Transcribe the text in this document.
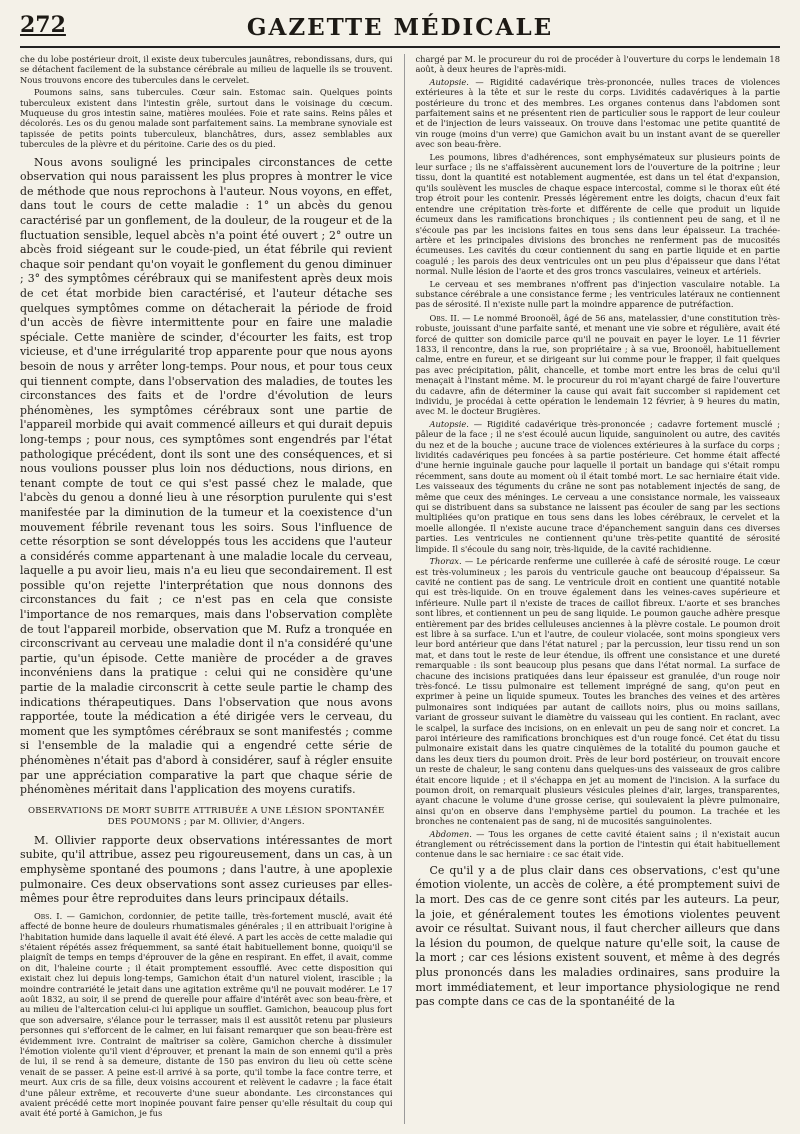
272	GAZETTE MÉDICALE

che du lobe postérieur droit, il existe deux tubercules jaunâtres, rebondissans, durs, qui se détachent facilement de la substance cérébrale au milieu de laquelle ils se trouvent. Nous trouvons encore des tubercules dans le cervelet.

Poumons sains, sans tubercules. Cœur sain. Estomac sain. Quelques points tuberculeux existent dans l'intestin grêle, surtout dans le voisinage du cœcum. Muqueuse du gros intestin saine, matières moulées. Foie et rate sains. Reins pâles et décolorés. Les os du genou malade sont parfaitement sains. La membrane synoviale est tapissée de petits points tuberculeux, blanchâtres, durs, assez semblables aux tubercules de la plèvre et du péritoine. Carie des os du pied.

Nous avons souligné les principales circonstances de cette observation qui nous paraissent les plus propres à montrer le vice de méthode que nous reprochons à l'auteur. Nous voyons, en effet, dans tout le cours de cette maladie : 1° un abcès du genou caractérisé par un gonflement, de la douleur, de la rougeur et de la fluctuation sensible, lequel abcès n'a point été ouvert ; 2° outre un abcès froid siégeant sur le coude-pied, un état fébrile qui revient chaque soir pendant qu'on voyait le gonflement du genou diminuer ; 3° des symptômes cérébraux qui se manifestent après deux mois de cet état morbide bien caractérisé, et l'auteur détache ses quelques symptômes comme on détacherait la période de froid d'un accès de fièvre intermittente pour en faire une maladie spéciale. Cette manière de scinder, d'écourter les faits, est trop vicieuse, et d'une irrégularité trop apparente pour que nous ayons besoin de nous y arrêter long-temps. Pour nous, et pour tous ceux qui tiennent compte, dans l'observation des maladies, de toutes les circonstances des faits et de l'ordre d'évolution de leurs phénomènes, les symptômes cérébraux sont une partie de l'appareil morbide qui avait commencé ailleurs et qui durait depuis long-temps ; pour nous, ces symptômes sont engendrés par l'état pathologique précédent, dont ils sont une des conséquences, et si nous voulions pousser plus loin nos déductions, nous dirions, en tenant compte de tout ce qui s'est passé chez le malade, que l'abcès du genou a donné lieu à une résorption purulente qui s'est manifestée par la diminution de la tumeur et la coexistence d'un mouvement fébrile revenant tous les soirs. Sous l'influence de cette résorption se sont développés tous les accidens que l'auteur a considérés comme appartenant à une maladie locale du cerveau, laquelle a pu avoir lieu, mais n'a eu lieu que secondairement. Il est possible qu'on rejette l'interprétation que nous donnons des circonstances du fait ; ce n'est pas en cela que consiste l'importance de nos remarques, mais dans l'observation complète de tout l'appareil morbide, observation que M. Rufz a tronquée en circonscrivant au cerveau une maladie dont il n'a considéré qu'une partie, qu'un épisode. Cette manière de procéder a de graves inconvéniens dans la pratique : celui qui ne considère qu'une partie de la maladie circonscrit à cette seule partie le champ des indications thérapeutiques. Dans l'observation que nous avons rapportée, toute la médication a été dirigée vers le cerveau, du moment que les symptômes cérébraux se sont manifestés ; comme si l'ensemble de la maladie qui a engendré cette série de phénomènes n'était pas d'abord à considérer, sauf à régler ensuite par une appréciation comparative la part que chaque série de phénomènes méritait dans l'application des moyens curatifs.

OBSERVATIONS DE MORT SUBITE ATTRIBUÉE A UNE LÉSION SPONTANÉE DES POUMONS ; par M. Ollivier, d'Angers.

M. Ollivier rapporte deux observations intéressantes de mort subite, qu'il attribue, assez peu rigoureusement, dans un cas, à un emphysème spontané des poumons ; dans l'autre, à une apoplexie pulmonaire. Ces deux observations sont assez curieuses par elles-mêmes pour être reproduites dans leurs principaux détails.

Obs. I. — Gamichon, cordonnier, de petite taille, très-fortement musclé, avait été affecté de bonne heure de douleurs rhumatismales générales ; il en attribuait l'origine à l'habitation humide dans laquelle il avait été élevé. A part les accès de cette maladie qui s'étaient répétés assez fréquemment, sa santé était habituellement bonne, quoiqu'il se plaignît de temps en temps d'éprouver de la gêne en respirant. En effet, il avait, comme on dit, l'haleine courte ; il était promptement essoufflé. Avec cette disposition qui existait chez lui depuis long-temps, Gamichon était d'un naturel violent, irascible ; la moindre contrariété le jetait dans une agitation extrême qu'il ne pouvait modérer. Le 17 août 1832, au soir, il se prend de querelle pour affaire d'intérêt avec son beau-frère, et au milieu de l'altercation celui-ci lui applique un soufflet. Gamichon, beaucoup plus fort que son adversaire, s'élance pour le terrasser, mais il est aussitôt retenu par plusieurs personnes qui s'efforcent de le calmer, en lui faisant remarquer que son beau-frère est évidemment ivre. Contraint de maîtriser sa colère, Gamichon cherche à dissimuler l'émotion violente qu'il vient d'éprouver, et prenant la main de son ennemi qu'il a près de lui, il se rend à sa demeure, distante de 150 pas environ du lieu où cette scène venait de se passer. A peine est-il arrivé à sa porte, qu'il tombe la face contre terre, et meurt. Aux cris de sa fille, deux voisins accourent et relèvent le cadavre ; la face était d'une pâleur extrême, et recouverte d'une sueur abondante. Les circonstances qui avaient précédé cette mort inopinée pouvant faire penser qu'elle résultait du coup qui avait été porté à Gamichon, je fus

chargé par M. le procureur du roi de procéder à l'ouverture du corps le lendemain 18 août, à deux heures de l'après-midi.

Autopsie. — Rigidité cadavérique très-prononcée, nulles traces de violences extérieures à la tête et sur le reste du corps. Lividités cadavériques à la partie postérieure du tronc et des membres. Les organes contenus dans l'abdomen sont parfaitement sains et ne présentent rien de particulier sous le rapport de leur couleur et de l'injection de leurs vaisseaux. On trouve dans l'estomac une petite quantité de vin rouge (moins d'un verre) que Gamichon avait bu un instant avant de se quereller avec son beau-frère.

Les poumons, libres d'adhérences, sont emphysémateux sur plusieurs points de leur surface ; ils ne s'affaissèrent aucunement lors de l'ouverture de la poitrine ; leur tissu, dont la quantité est notablement augmentée, est dans un tel état d'expansion, qu'ils soulèvent les muscles de chaque espace intercostal, comme si le thorax eût été trop étroit pour les contenir. Pressés légèrement entre les doigts, chacun d'eux fait entendre une crépitation très-forte et différente de celle que produit un liquide écumeux dans les ramifications bronchiques ; ils contiennent peu de sang, et il ne s'écoule pas par les incisions faites en tous sens dans leur épaisseur. La trachée-artère et les principales divisions des bronches ne renferment pas de mucosités écumeuses. Les cavités du cœur contiennent du sang en partie liquide et en partie coagulé ; les parois des deux ventricules ont un peu plus d'épaisseur que dans l'état normal. Nulle lésion de l'aorte et des gros troncs vasculaires, veineux et artériels.

Le cerveau et ses membranes n'offrent pas d'injection vasculaire notable. La substance cérébrale a une consistance ferme ; les ventricules latéraux ne contiennent pas de sérosité. Il n'existe nulle part la moindre apparence de putréfaction.

Obs. II. — Le nommé Broonoël, âgé de 56 ans, matelassier, d'une constitution très-robuste, jouissant d'une parfaite santé, et menant une vie sobre et régulière, avait été forcé de quitter son domicile parce qu'il ne pouvait en payer le loyer. Le 11 février 1833, il rencontre, dans la rue, son propriétaire ; à sa vue, Broonoël, habituellement calme, entre en fureur, et se dirigeant sur lui comme pour le frapper, il fait quelques pas avec précipitation, pâlit, chancelle, et tombe mort entre les bras de celui qu'il menaçait à l'instant même. M. le procureur du roi m'ayant chargé de faire l'ouverture du cadavre, afin de déterminer la cause qui avait fait succomber si rapidement cet individu, je procédai à cette opération le lendemain 12 février, à 9 heures du matin, avec M. le docteur Brugières.

Autopsie. — Rigidité cadavérique très-prononcée ; cadavre fortement musclé ; pâleur de la face ; il ne s'est écoulé aucun liquide, sanguinolent ou autre, des cavités du nez et de la bouche ; aucune trace de violences extérieures à la surface du corps ; lividités cadavériques peu foncées à sa partie postérieure. Cet homme était affecté d'une hernie inguinale gauche pour laquelle il portait un bandage qui s'était rompu récemment, sans doute au moment où il était tombé mort. Le sac herniaire était vide. Les vaisseaux des téguments du crâne ne sont pas notablement injectés de sang, de même que ceux des méninges. Le cerveau a une consistance normale, les vaisseaux qui se distribuent dans sa substance ne laissent pas écouler de sang par les sections multipliées qu'on pratique en tous sens dans les lobes cérébraux, le cervelet et la moelle allongée. Il n'existe aucune trace d'épanchement sanguin dans ces diverses parties. Les ventricules ne contiennent qu'une très-petite quantité de sérosité limpide. Il s'écoule du sang noir, très-liquide, de la cavité rachidienne.

Thorax. — Le péricarde renferme une cuillerée à café de sérosité rouge. Le cœur est très-volumineux ; les parois du ventricule gauche ont beaucoup d'épaisseur. Sa cavité ne contient pas de sang. Le ventricule droit en contient une quantité notable qui est très-liquide. On en trouve également dans les veines-caves supérieure et inférieure. Nulle part il n'existe de traces de caillot fibreux. L'aorte et ses branches sont libres, et contiennent un peu de sang liquide. Le poumon gauche adhère presque entièrement par des brides celluleuses anciennes à la plèvre costale. Le poumon droit est libre à sa surface. L'un et l'autre, de couleur violacée, sont moins spongieux vers leur bord antérieur que dans l'état naturel ; par la percussion, leur tissu rend un son mat, et dans tout le reste de leur étendue, ils offrent une consistance et une dureté remarquable : ils sont beaucoup plus pesans que dans l'état normal. La surface de chacune des incisions pratiquées dans leur épaisseur est granulée, d'un rouge noir très-foncé. Le tissu pulmonaire est tellement imprégné de sang, qu'on peut en exprimer à peine un liquide spumeux. Toutes les branches des veines et des artères pulmonaires sont indiquées par autant de caillots noirs, plus ou moins saillans, variant de grosseur suivant le diamètre du vaisseau qui les contient. En raclant, avec le scalpel, la surface des incisions, on en enlevait un peu de sang noir et concret. La paroi intérieure des ramifications bronchiques est d'un rouge foncé. Cet état du tissu pulmonaire existait dans les quatre cinquièmes de la totalité du poumon gauche et dans les deux tiers du poumon droit. Près de leur bord postérieur, on trouvait encore un reste de chaleur, le sang contenu dans quelques-uns des vaisseaux de gros calibre était encore liquide ; et il s'échappa en jet au moment de l'incision. A la surface du poumon droit, on remarquait plusieurs vésicules pleines d'air, larges, transparentes, ayant chacune le volume d'une grosse cerise, qui soulevaient la plèvre pulmonaire, ainsi qu'on en observe dans l'emphysème partiel du poumon. La trachée et les bronches ne contenaient pas de sang, ni de mucosités sanguinolentes.

Abdomen. — Tous les organes de cette cavité étaient sains ; il n'existait aucun étranglement ou rétrécissement dans la portion de l'intestin qui était habituellement contenue dans le sac herniaire : ce sac était vide.

Ce qu'il y a de plus clair dans ces observations, c'est qu'une émotion violente, un accès de colère, a été promptement suivi de la mort. Des cas de ce genre sont cités par les auteurs. La peur, la joie, et généralement toutes les émotions violentes peuvent avoir ce résultat. Suivant nous, il faut chercher ailleurs que dans la lésion du poumon, de quelque nature qu'elle soit, la cause de la mort ; car ces lésions existent souvent, et même à des degrés plus prononcés dans les maladies ordinaires, sans produire la mort immédiatement, et leur importance physiologique ne rend pas compte dans ce cas de la spontanéité de la
